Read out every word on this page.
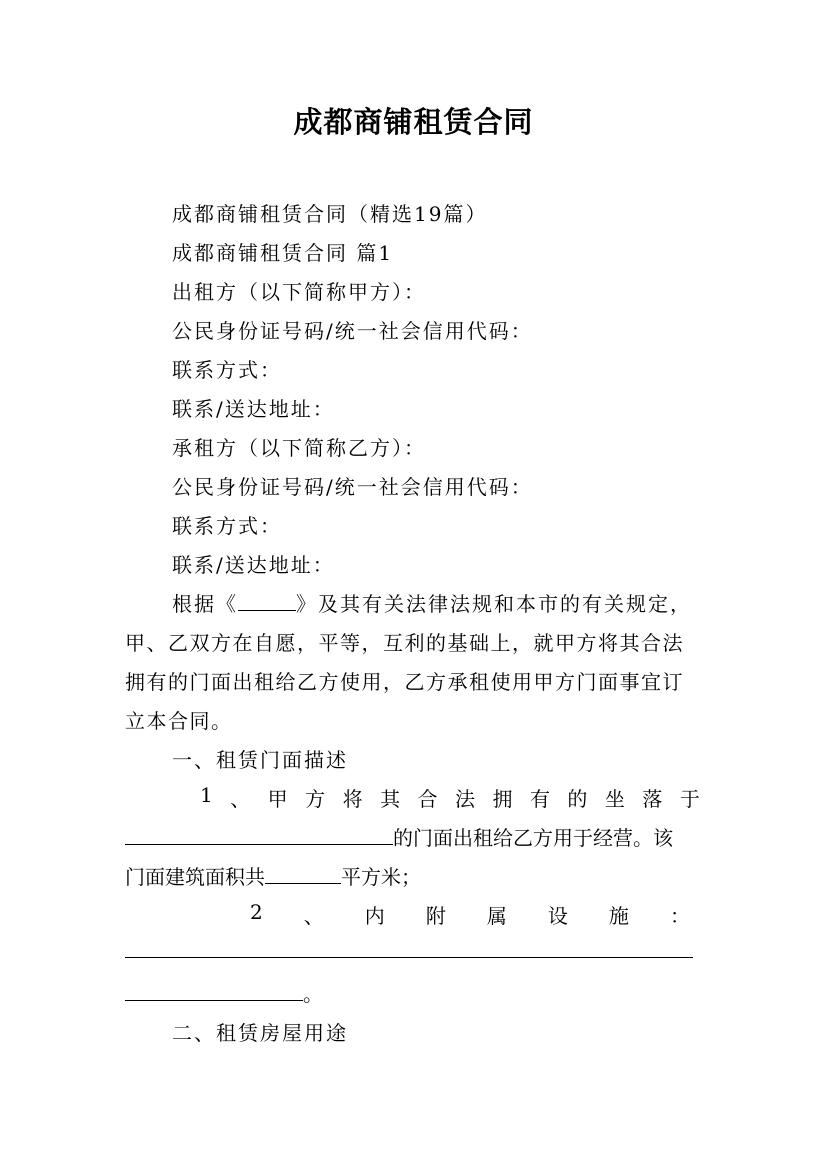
成都商铺租赁合同
成都商铺租赁合同（精选19篇）
成都商铺租赁合同 篇1
出租方（以下简称甲方）：
公民身份证号码/统一社会信用代码：
联系方式：
联系/送达地址：
承租方（以下简称乙方）：
公民身份证号码/统一社会信用代码：
联系方式：
联系/送达地址：
根据《	》及其有关法律法规和本市的有关规定，
甲、乙双方在自愿，平等，互利的基础上，就甲方将其合法
拥有的门面出租给乙方使用，乙方承租使用甲方门面事宜订
立本合同。
一、租赁门面描述
1 、 甲 方 将 其 合 法 拥 有 的 坐 落 于
的门面出租给乙方用于经营。该
门面建筑面积共	平方米；
2 、 内 附 属 设 施 ：
。
二、租赁房屋用途
